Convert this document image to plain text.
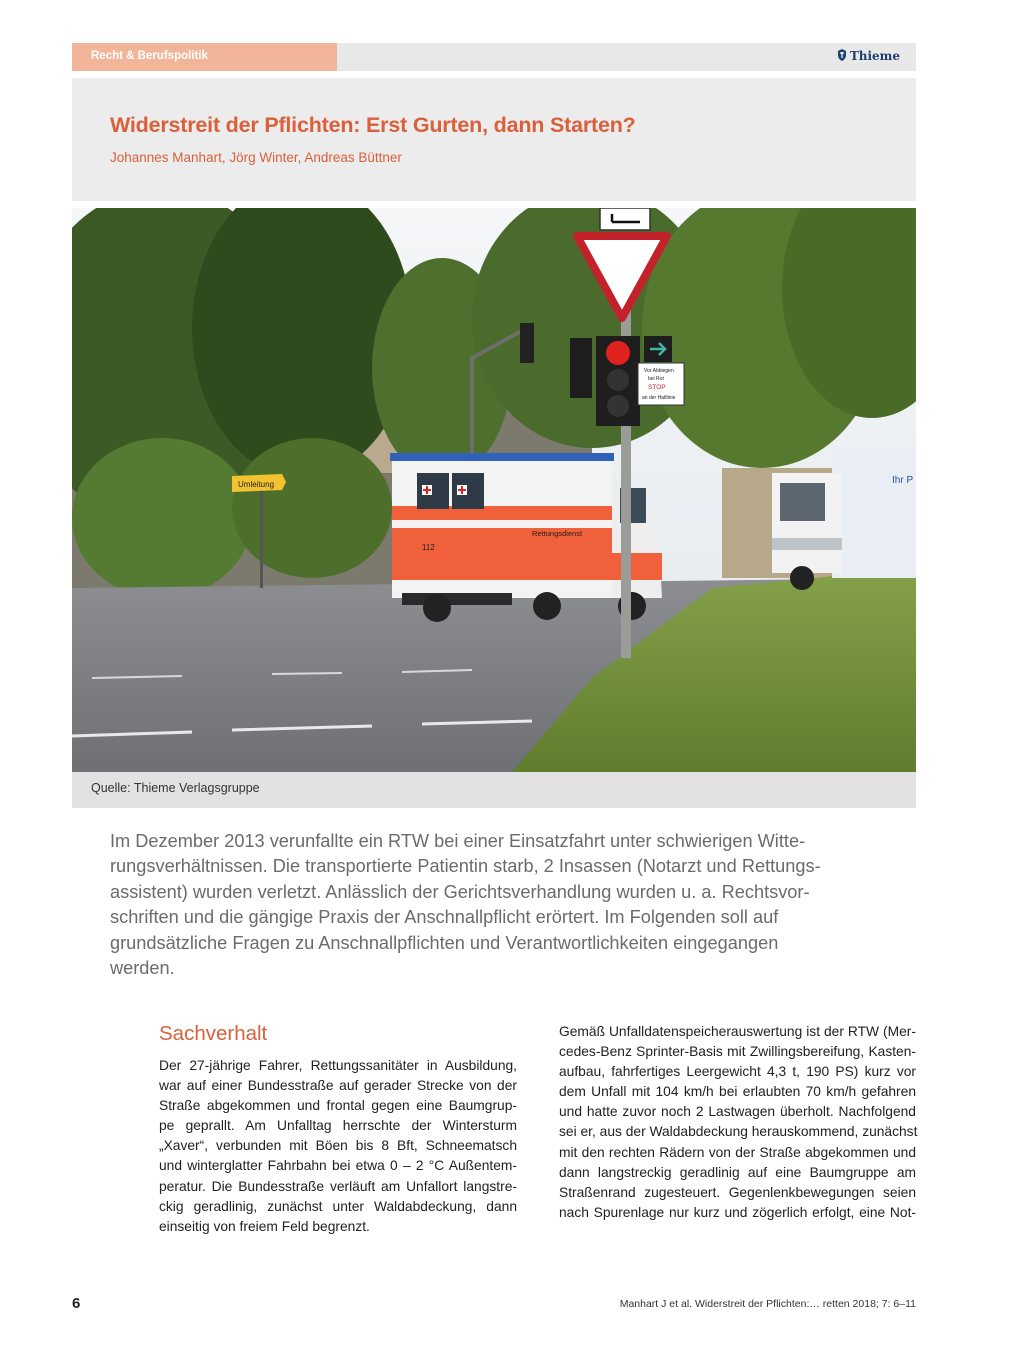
Recht & Berufspolitik	Thieme
Widerstreit der Pflichten: Erst Gurten, dann Starten?
Johannes Manhart, Jörg Winter, Andreas Büttner
Umleitung
Rettungsdienst
112
Ihr P
Vor Abbiegen
bei Rot
STOP
an der Haltlinie
Quelle: Thieme Verlagsgruppe
Im Dezember 2013 verunfallte ein RTW bei einer Einsatzfahrt unter schwierigen Witte-
rungsverhältnissen. Die transportierte Patientin starb, 2 Insassen (Notarzt und Rettungs-
assistent) wurden verletzt. Anlässlich der Gerichtsverhandlung wurden u. a. Rechtsvor-
schriften und die gängige Praxis der Anschnallpflicht erörtert. Im Folgenden soll auf
grundsätzliche Fragen zu Anschnallpflichten und Verantwortlichkeiten eingegangen
werden.
Sachverhalt
Der 27-jährige Fahrer, Rettungssanitäter in Ausbildung,
war auf einer Bundesstraße auf gerader Strecke von der
Straße abgekommen und frontal gegen eine Baumgrup-
pe geprallt. Am Unfalltag herrschte der Wintersturm
„Xaver“, verbunden mit Böen bis 8 Bft, Schneematsch
und winterglatter Fahrbahn bei etwa 0 – 2 °C Außentem-
peratur. Die Bundesstraße verläuft am Unfallort langstre-
ckig geradlinig, zunächst unter Waldabdeckung, dann
einseitig von freiem Feld begrenzt.
Gemäß Unfalldatenspeicherauswertung ist der RTW (Mer-
cedes-Benz Sprinter-Basis mit Zwillingsbereifung, Kasten-
aufbau, fahrfertiges Leergewicht 4,3 t, 190 PS) kurz vor
dem Unfall mit 104 km/h bei erlaubten 70 km/h gefahren
und hatte zuvor noch 2 Lastwagen überholt. Nachfolgend
sei er, aus der Waldabdeckung herauskommend, zunächst
mit den rechten Rädern von der Straße abgekommen und
dann langstreckig geradlinig auf eine Baumgruppe am
Straßenrand zugesteuert. Gegenlenkbewegungen seien
nach Spurenlage nur kurz und zögerlich erfolgt, eine Not-
6	Manhart J et al. Widerstreit der Pflichten:… retten 2018; 7: 6–11
